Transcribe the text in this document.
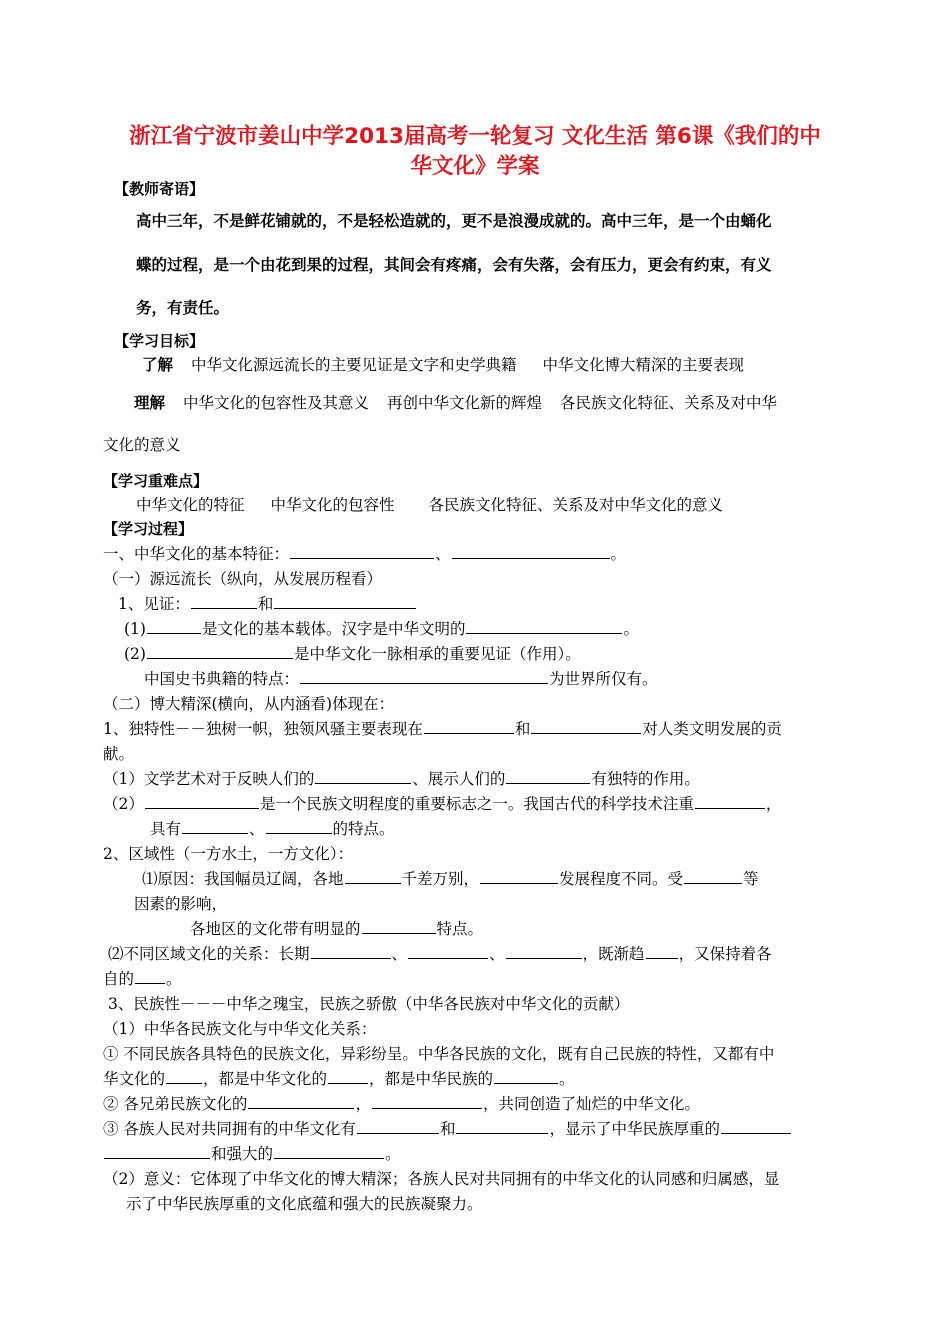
浙江省宁波市姜山中学2013届高考一轮复习 文化生活 第6课《我们的中
华文化》学案
【教师寄语】
高中三年，不是鲜花铺就的，不是轻松造就的，更不是浪漫成就的。高中三年，是一个由蛹化
蝶的过程，是一个由花到果的过程，其间会有疼痛，会有失落，会有压力，更会有约束，有义
务，有责任。
【学习目标】
了解 中华文化源远流长的主要见证是文字和史学典籍 中华文化博大精深的主要表现
理解 中华文化的包容性及其意义 再创中华文化新的辉煌 各民族文化特征、关系及对中华
文化的意义
【学习重难点】
中华文化的特征 中华文化的包容性 各民族文化特征、关系及对中华文化的意义
【学习过程】
一、中华文化的基本特征：	、	。
（一）源远流长（纵向，从发展历程看）
1、见证：	和
(1)	是文化的基本载体。汉字是中华文明的	。
(2)	是中华文化一脉相承的重要见证（作用）。
中国史书典籍的特点：	为世界所仅有。
（二）博大精深(横向，从内涵看)体现在：
1、独特性－－独树一帜，独领风骚主要表现在	和	对人类文明发展的贡
献。
（1）文学艺术对于反映人们的	、展示人们的	有独特的作用。
（2）	是一个民族文明程度的重要标志之一。我国古代的科学技术注重	，
具有	、	的特点。
2、区域性（一方水土，一方文化）：
⑴原因：我国幅员辽阔，各地	千差万别，	发展程度不同。受	等
因素的影响，
各地区的文化带有明显的	特点。
⑵不同区域文化的关系：长期	、	、	，既渐趋 ，又保持着各
自的 。
3、民族性－－－中华之瑰宝，民族之骄傲（中华各民族对中华文化的贡献）
（1）中华各民族文化与中华文化关系：
① 不同民族各具特色的民族文化，异彩纷呈。中华各民族的文化，既有自己民族的特性，又都有中
华文化的 ，都是中华文化的	，都是中华民族的	。
② 各兄弟民族文化的	，	，共同创造了灿烂的中华文化。
③ 各族人民对共同拥有的中华文化有	和	，显示了中华民族厚重的
和强大的	。
（2）意义：它体现了中华文化的博大精深；各族人民对共同拥有的中华文化的认同感和归属感，显
示了中华民族厚重的文化底蕴和强大的民族凝聚力。
